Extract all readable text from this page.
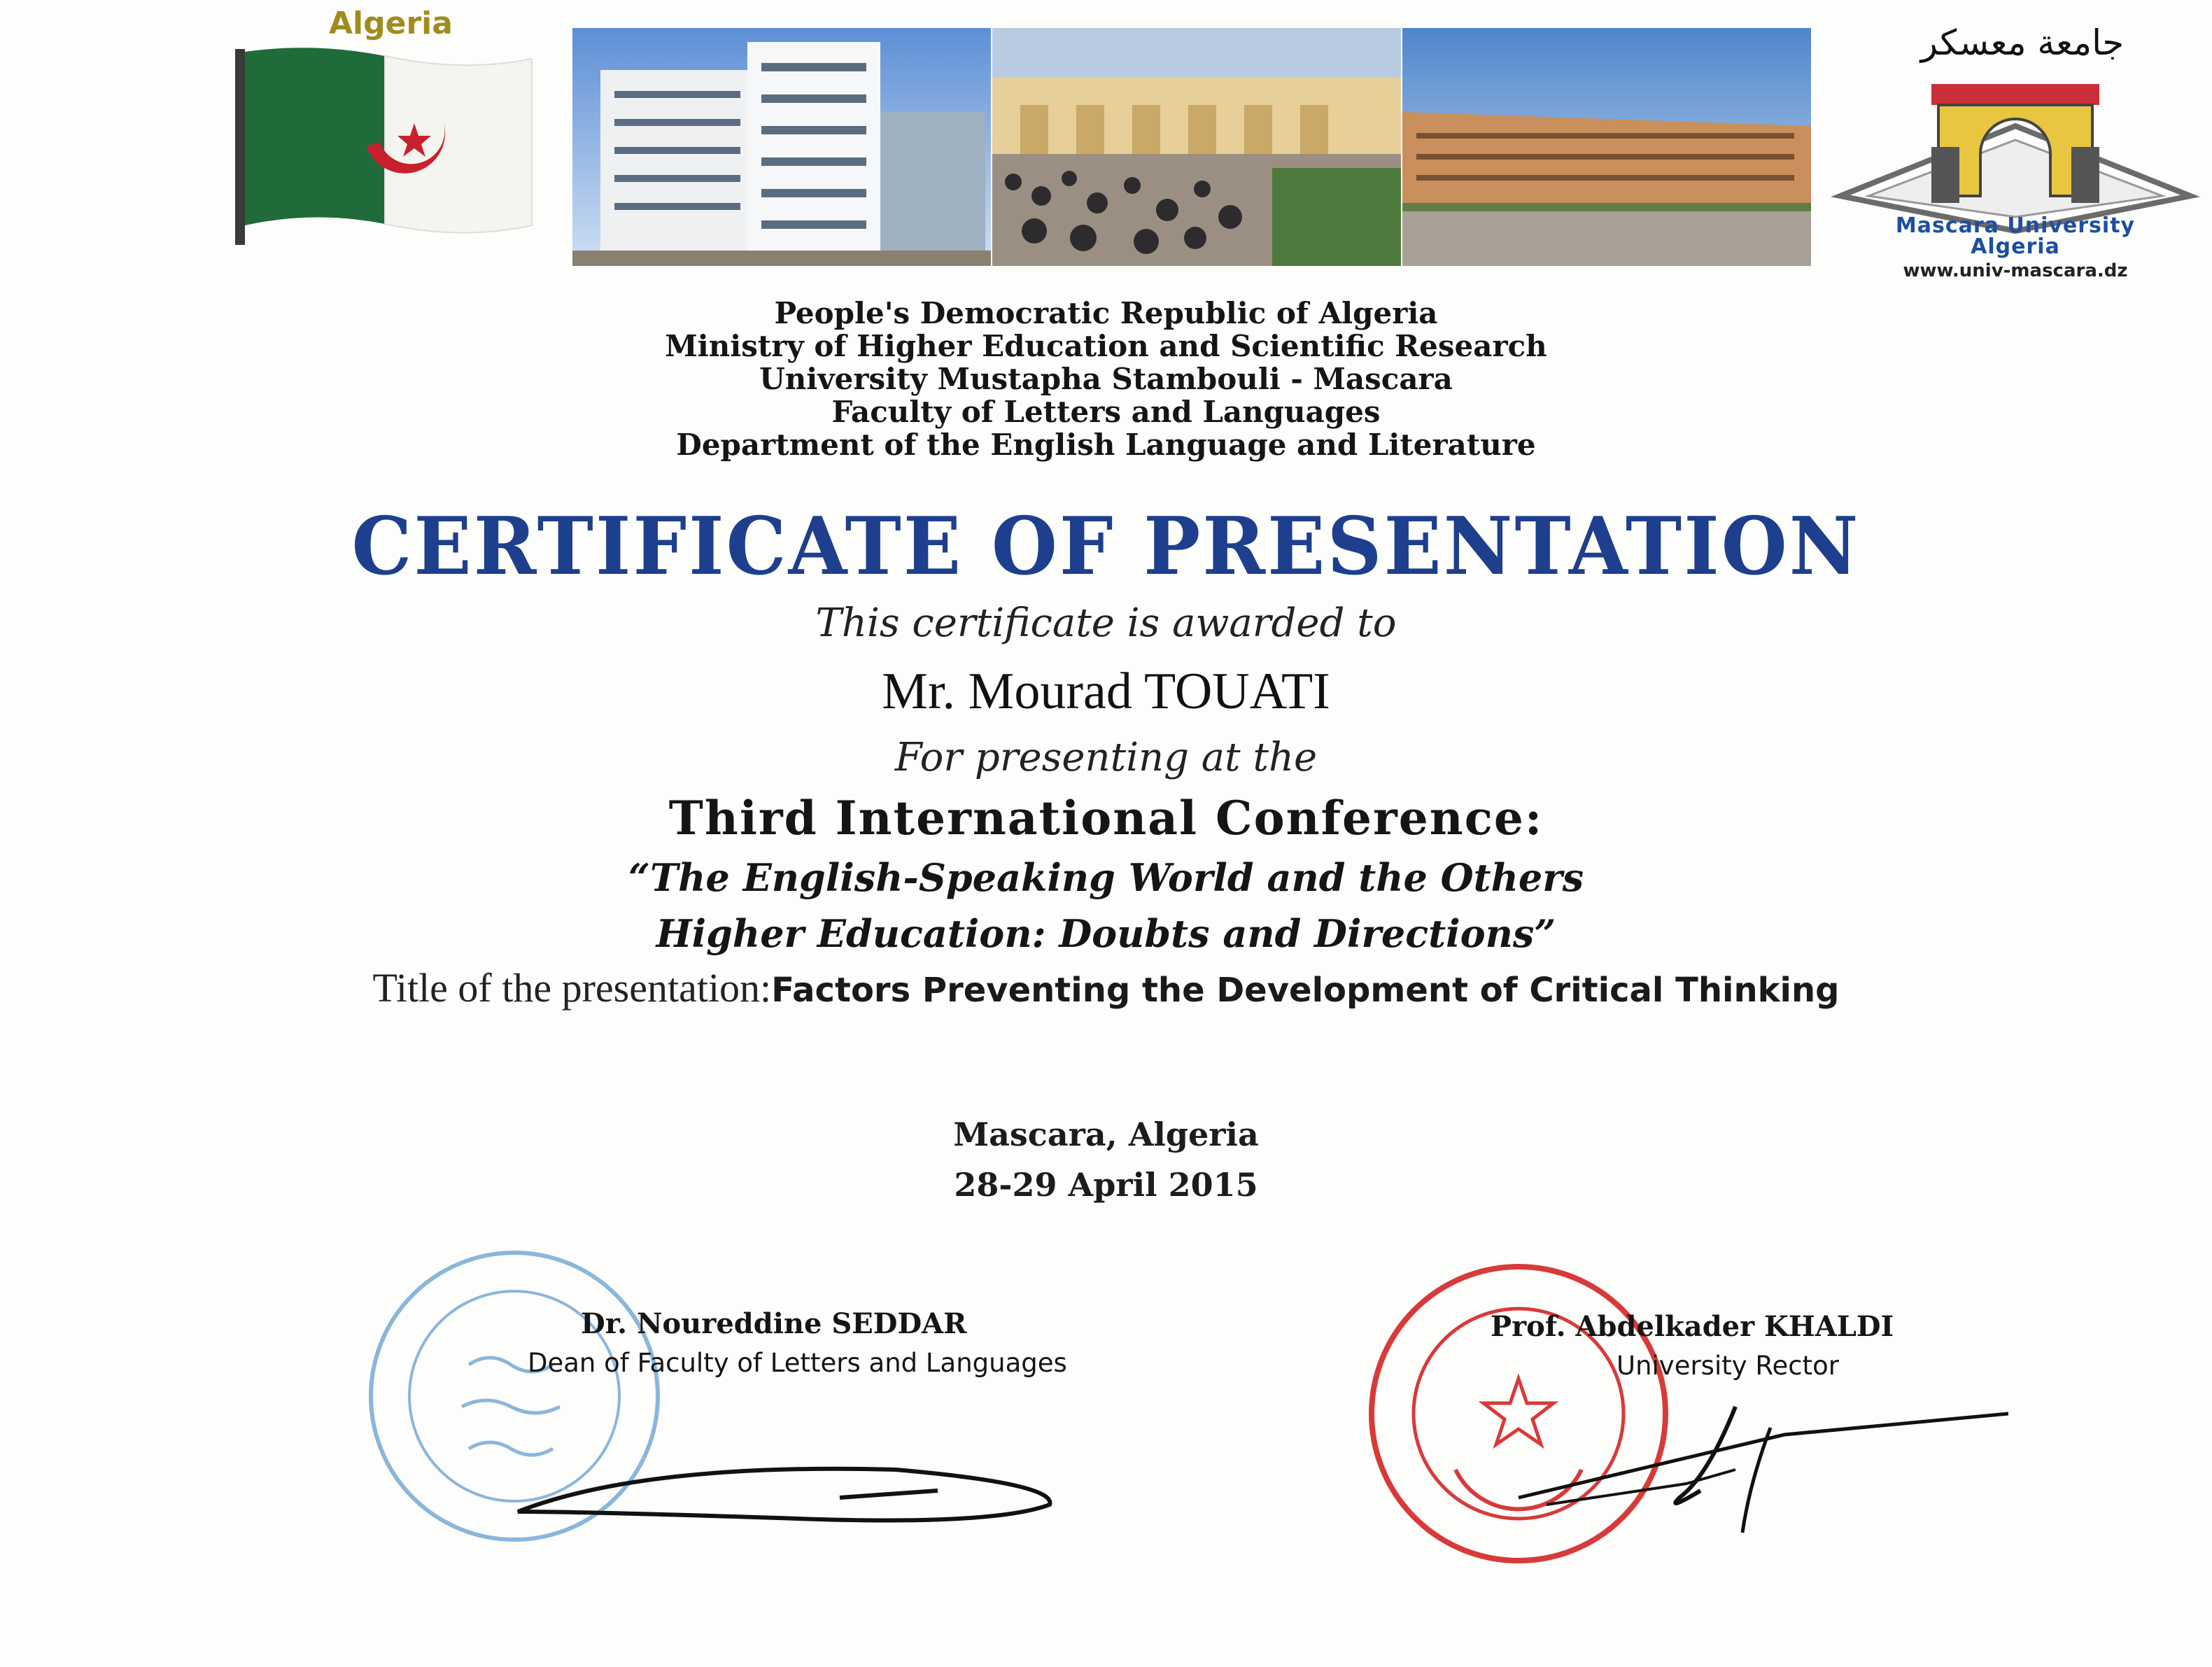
Algeria	جامعة معسكر
Mascara University
Algeria
www.univ-mascara.dz
People's Democratic Republic of Algeria
Ministry of Higher Education and Scientific Research
University Mustapha Stambouli - Mascara
Faculty of Letters and Languages
Department of the English Language and Literature
CERTIFICATE OF PRESENTATION
This certificate is awarded to
Mr. Mourad TOUATI
For presenting at the
Third International Conference:
“The English-Speaking World and the Others
Higher Education: Doubts and Directions”
Title of the presentation:Factors Preventing the Development of Critical Thinking
Mascara, Algeria
28-29 April 2015
Dr. Noureddine SEDDAR
Dean of Faculty of Letters and Languages
Prof. Abdelkader KHALDI
University Rector
